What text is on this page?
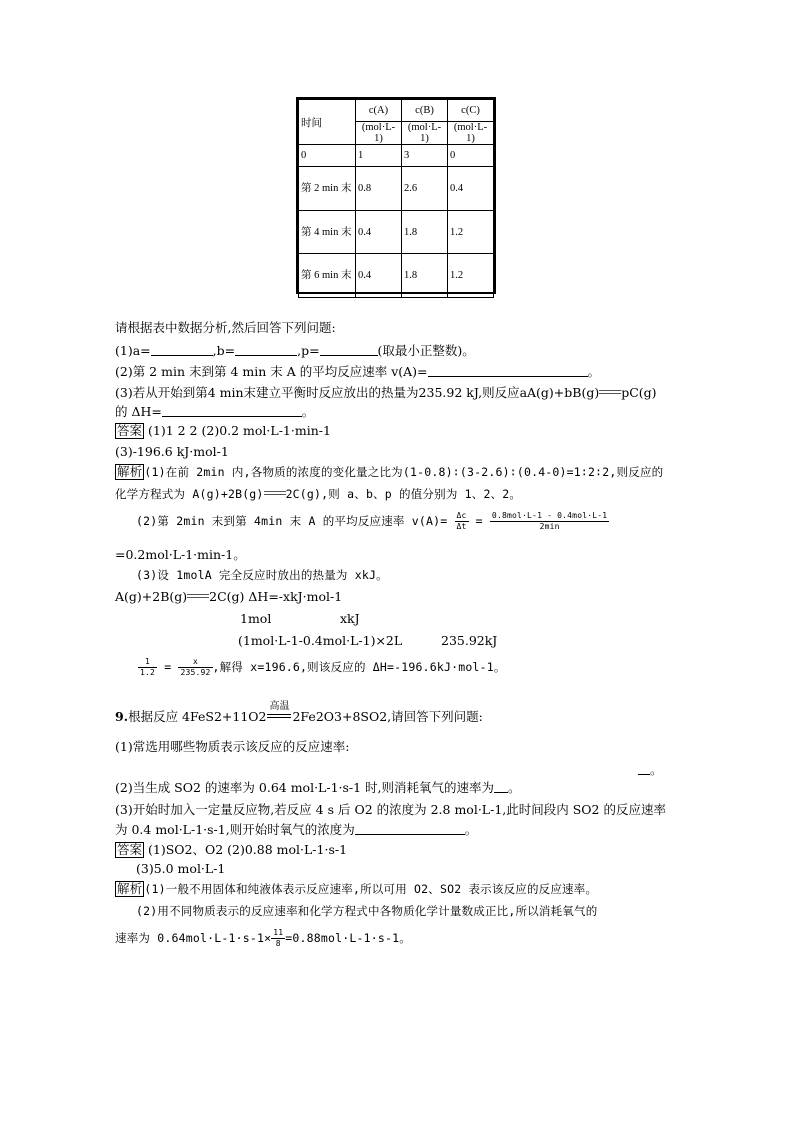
时间	c(A)	c(B)	c(C)
	(mol·L-1)	(mol·L-1)	(mol·L-1)
0	1	3	0
第 2 min 末	0.8	2.6	0.4
第 4 min 末	0.4	1.8	1.2
第 6 min 末	0.4	1.8	1.2
请根据表中数据分析,然后回答下列问题:
(1)a=	,b=	,p=	(取最小正整数)。
(2)第 2 min 末到第 4 min 末 A 的平均反应速率 v(A)=	。
(3)若从开始到第4 min末建立平衡时反应放出的热量为235.92 kJ,则反应aA(g)+bB(g) pC(g)
的 ΔH=	。
答案 (1)1 2 2 (2)0.2 mol·L-1·min-1
(3)-196.6 kJ·mol-1
解析 (1)在前 2min 内,各物质的浓度的变化量之比为(1-0.8)∶(3-2.6)∶(0.4-0)=1∶2∶2,则反应的
化学方程式为 A(g)+2B(g) 2C(g),则 a、b、p 的值分别为 1、2、2。
(2)第 2min 末到第 4min 末 A 的平均反应速率 $v(A)= \frac{\Delta c}{\Delta t} = \frac{\text{0.8mol·L-1 - 0.4mol·L-1}}{2\min}$
=0.2mol·L-1·min-1。
(3)设 1molA 完全反应时放出的热量为 xkJ。
A(g)+2B(g) 2C(g) ΔH=-xkJ·mol-1
1mol	xkJ
(1mol·L-1-0.4mol·L-1)×2L	235.92kJ
$\frac{1}{1.2} = \frac{x}{235.92}$ ,解得 x=196.6,则该反应的 ΔH=-196.6kJ·mol-1。
9.根据反应 4FeS2+11O2
高温
2Fe2O3+8SO2,请回答下列问题:
(1)常选用哪些物质表示该反应的反应速率:
。
(2)当生成 SO2 的速率为 0.64 mol·L-1·s-1 时,则消耗氧气的速率为 。
(3)开始时加入一定量反应物,若反应 4 s 后 O2 的浓度为 2.8 mol·L-1,此时间段内 SO2 的反应速率
为 0.4 mol·L-1·s-1,则开始时氧气的浓度为	。
答案 (1)SO2、O2 (2)0.88 mol·L-1·s-1
(3)5.0 mol·L-1
解析 (1)一般不用固体和纯液体表示反应速率,所以可用 O2、SO2 表示该反应的反应速率。
(2)用不同物质表示的反应速率和化学方程式中各物质化学计量数成正比,所以消耗氧气的
速率为 $0.64mol\cdot L-1\cdot s-1\times \frac{11}{8} =0.88mol\cdot L-1\cdot s-1$。
